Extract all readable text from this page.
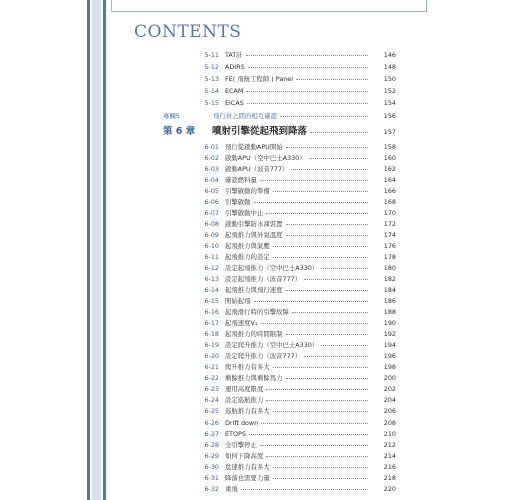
CONTENTS
5-11 TAT計	146
5-12 ADIRS	148
5-13 FE( 飛航工程師 ) Panel	150
5-14 ECAM	152
5-15 EICAS	154
專欄5	飛行員之間的相互確認	156
第 6 章 噴射引擎從起飛到降落	157
6-01 飛行從啟動APU開始	158
6-02 啟動APU（空中巴士A330）	160
6-03 啟動APU（波音777）	162
6-04 確認燃料量	164
6-05 引擎啟動的準備	166
6-06 引擎啟動	168
6-07 引擎啟動中止	170
6-08 啟動引擎防水凍裝置	172
6-09 起飛推力與外氣溫度	174
6-10 起飛推力與氣壓	176
6-11 起飛推力的設定	178
6-12 設定起飛推力（空中巴士A330）	180
6-13 設定起飛推力（波音777）	182
6-14 起飛推力與飛行速度	184
6-15 開始起飛	186
6-16 起飛滑行時的引擎故障	188
6-17 起飛速度V₁	190
6-18 起飛推力的時間限制	192
6-19 設定爬升推力（空中巴士A330）	194
6-20 設定爬升推力（波音777）	196
6-21 爬升推力有多大	198
6-22 剩餘推力與剩餘馬力	200
6-23 運用高度限度	202
6-24 設定巡航推力	204
6-25 巡航推力有多大	206
6-26 Drift down	208
6-27 ETOPS	210
6-28 全引擎停止	212
6-29 如何下降高度	214
6-30 怠速推力有多大	216
6-31 降落也需要力量	218
6-32 重飛	220
